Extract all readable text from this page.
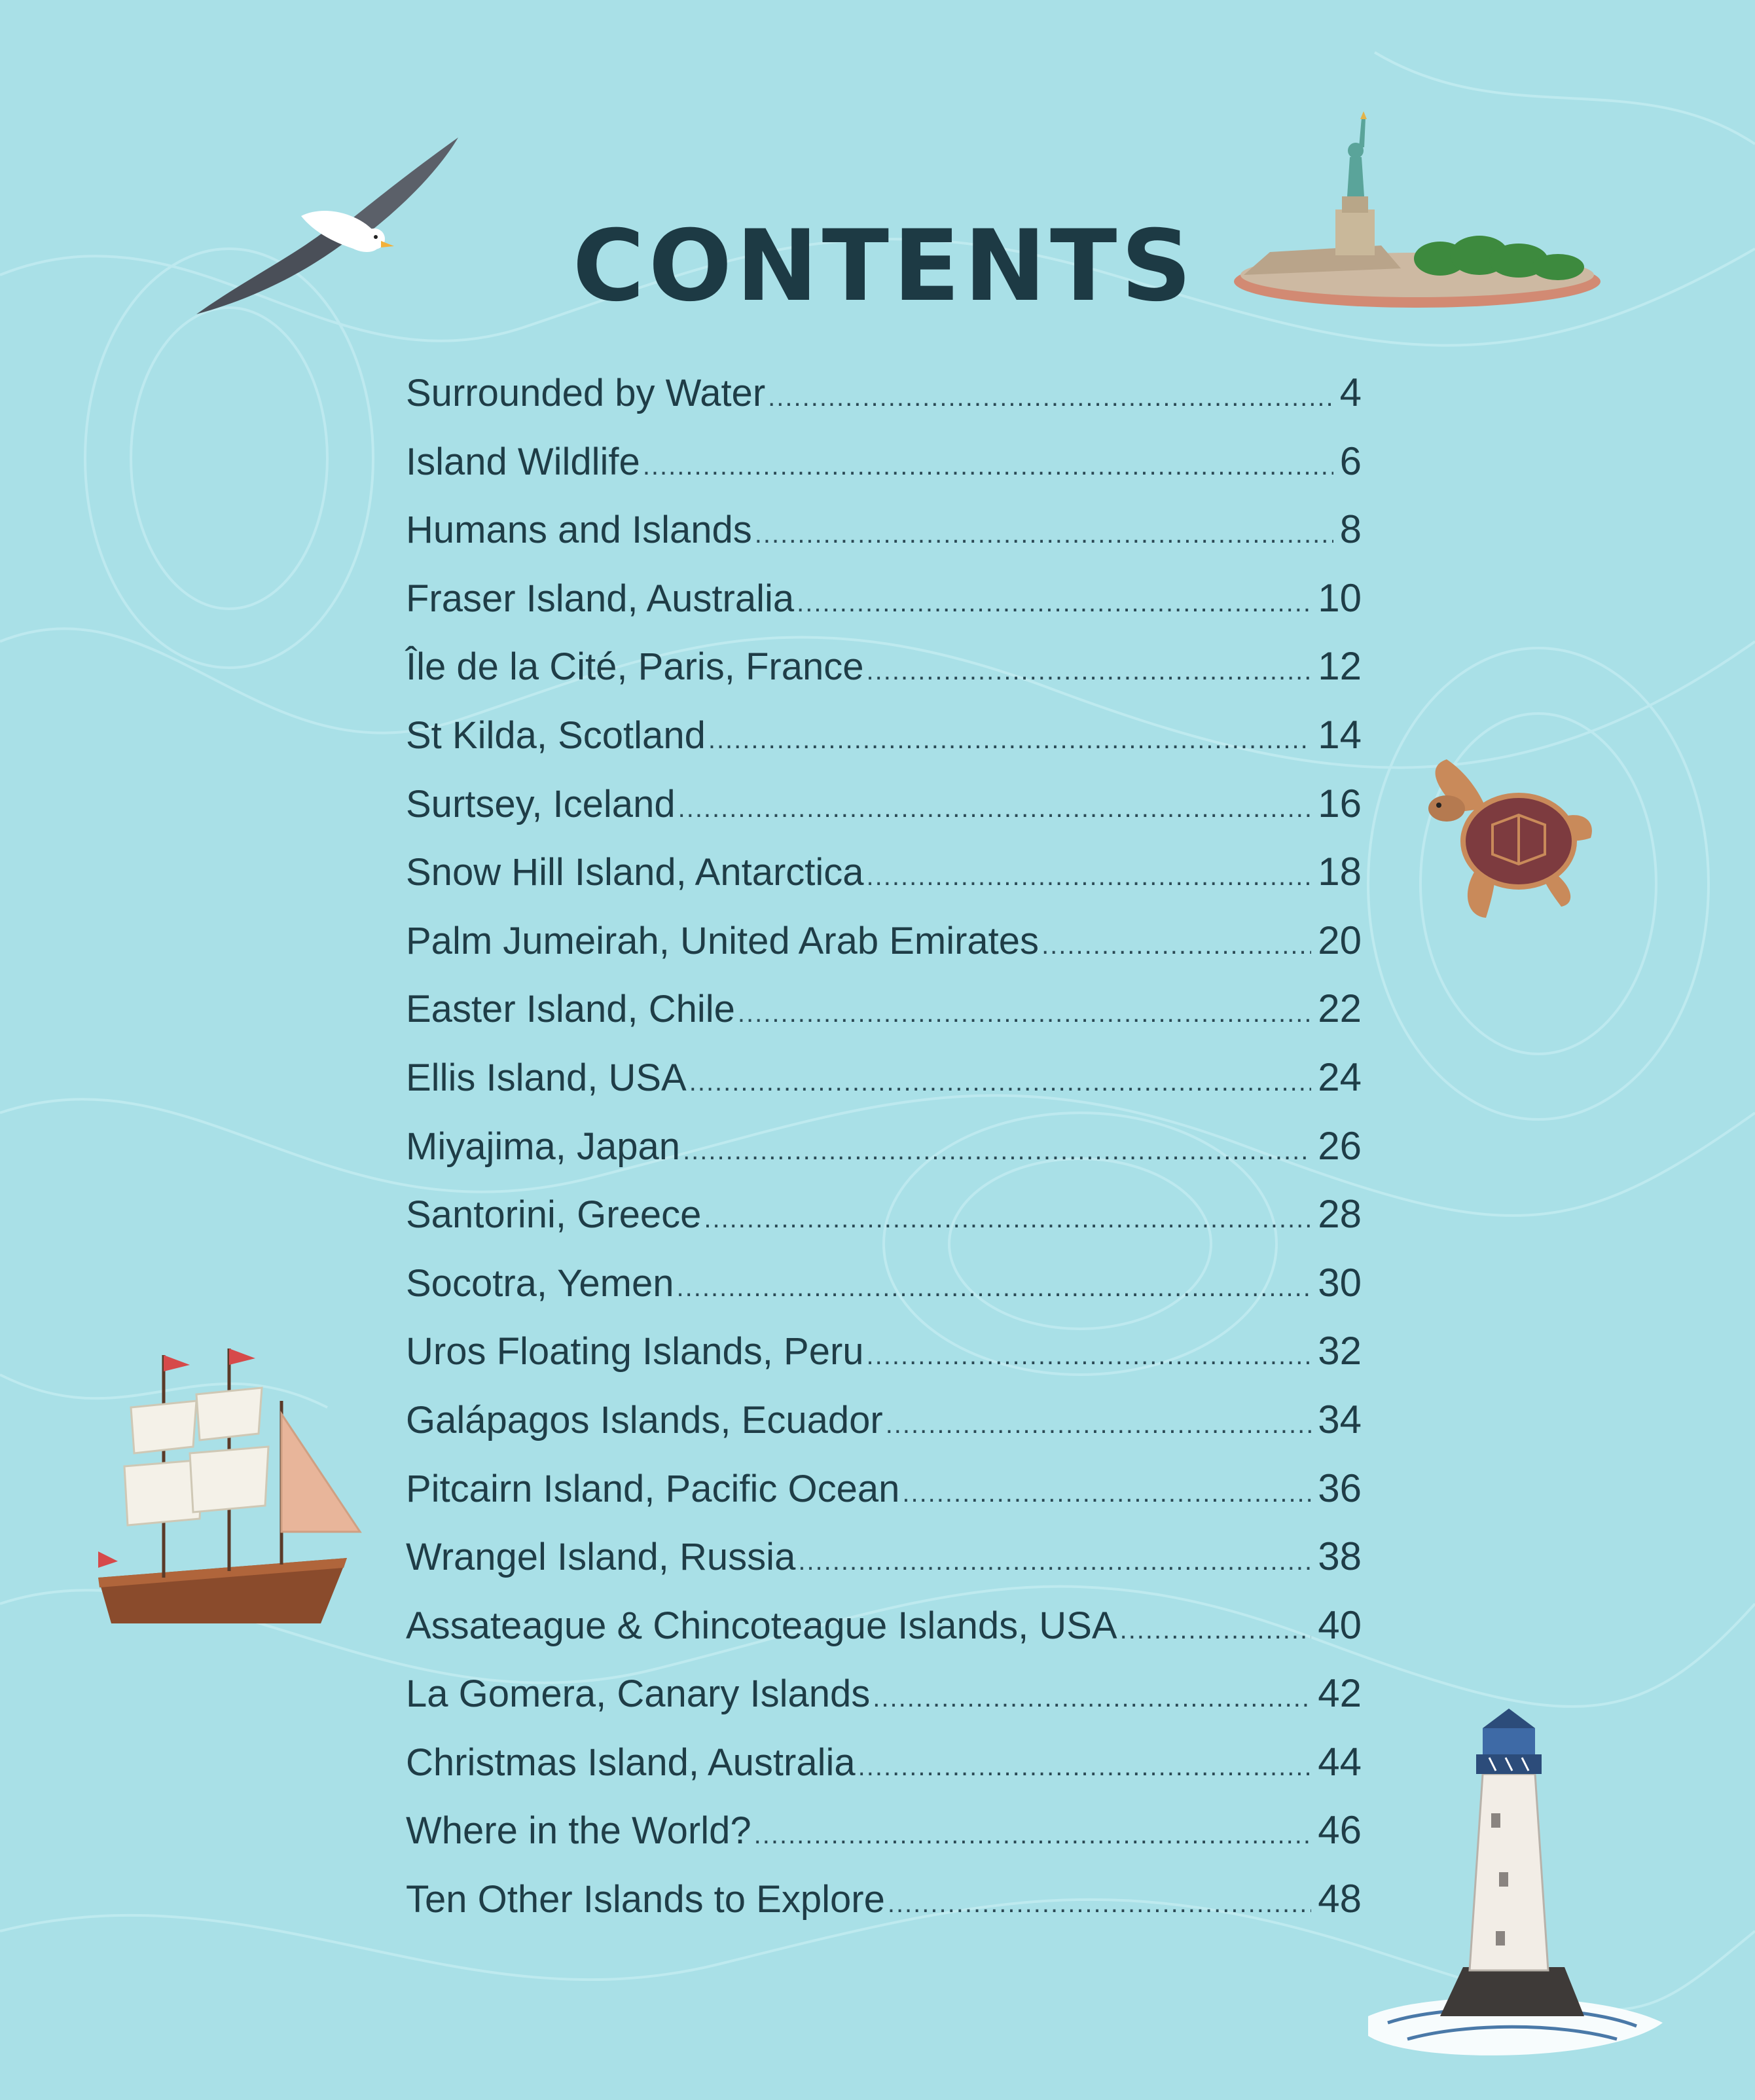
CONTENTS
Surrounded by Water .....	4
Island Wildlife .....	6
Humans and Islands .....	8
Fraser Island, Australia .....	10
Île de la Cité, Paris, France .....	12
St Kilda, Scotland .....	14
Surtsey, Iceland .....	16
Snow Hill Island, Antarctica .....	18
Palm Jumeirah, United Arab Emirates .....	20
Easter Island, Chile .....	22
Ellis Island, USA .....	24
Miyajima, Japan .....	26
Santorini, Greece .....	28
Socotra, Yemen .....	30
Uros Floating Islands, Peru .....	32
Galápagos Islands, Ecuador .....	34
Pitcairn Island, Pacific Ocean .....	36
Wrangel Island, Russia .....	38
Assateague & Chincoteague Islands, USA .....	40
La Gomera, Canary Islands .....	42
Christmas Island, Australia .....	44
Where in the World? .....	46
Ten Other Islands to Explore .....	48
